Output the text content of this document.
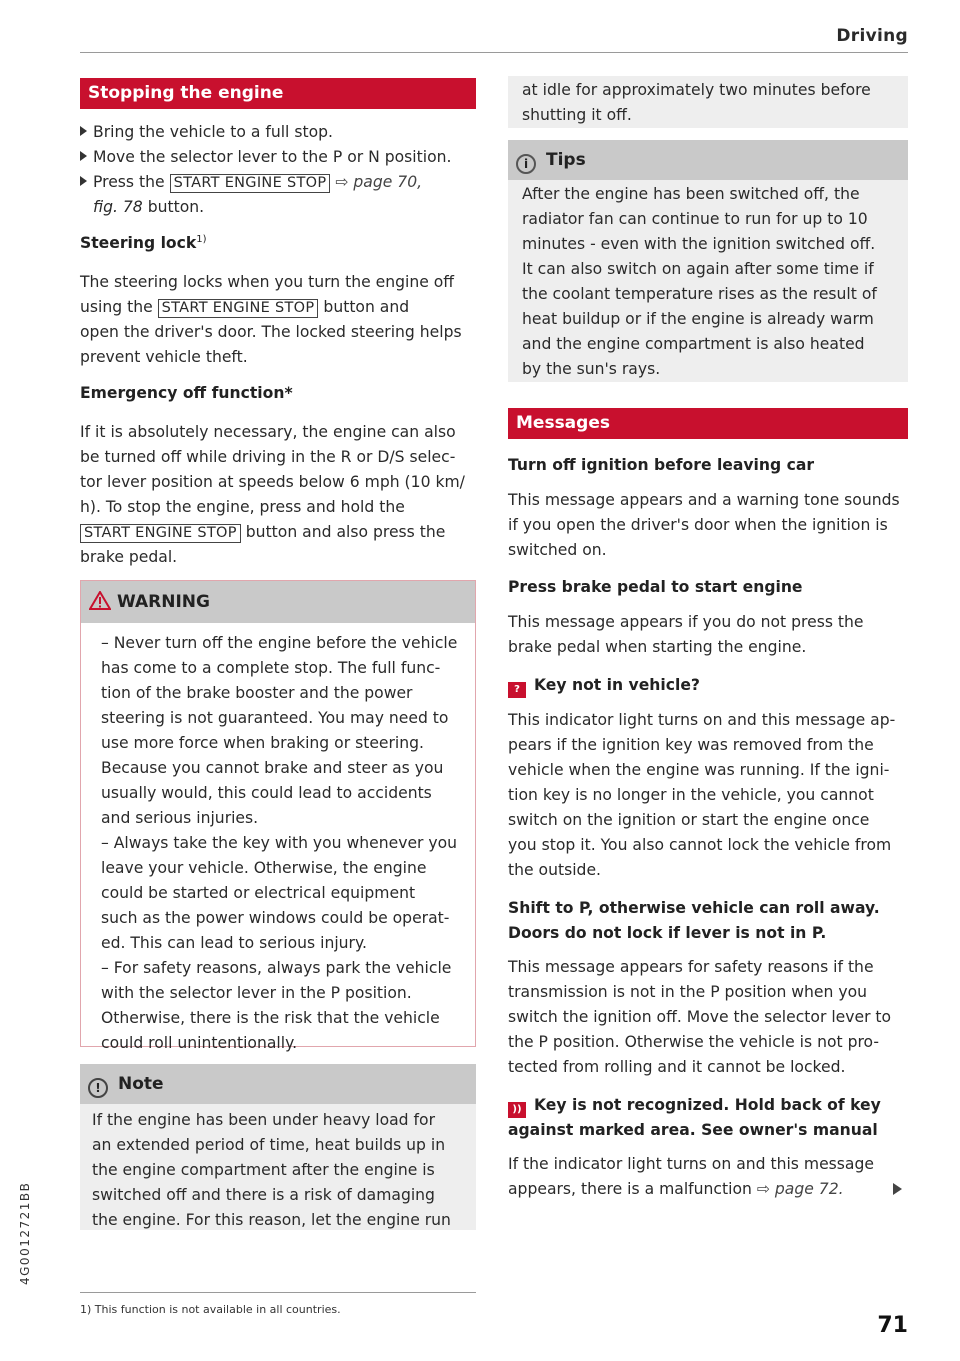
Driving
Stopping the engine

Bring the vehicle to a full stop.

Move the selector lever to the P or N position.

Press the START ENGINE STOP ⇨ page 70,

fig. 78 button.

Steering lock$^{1)}$

The steering locks when you turn the engine off

using the START ENGINE STOP button and

open the driver's door. The locked steering helps

prevent vehicle theft.

Emergency off function*

If it is absolutely necessary, the engine can also

be turned off while driving in the R or D/S selec-

tor lever position at speeds below 6 mph (10 km/

h). To stop the engine, press and hold the

START ENGINE STOP button and also press the

brake pedal.

WARNING
– Never turn off the engine before the vehicle
has come to a complete stop. The full func-
tion of the brake booster and the power
steering is not guaranteed. You may need to
use more force when braking or steering.
Because you cannot brake and steer as you
usually would, this could lead to accidents
and serious injuries.
– Always take the key with you whenever you
leave your vehicle. Otherwise, the engine
could be started or electrical equipment
such as the power windows could be operat-
ed. This can lead to serious injury.
– For safety reasons, always park the vehicle
with the selector lever in the P position.
Otherwise, there is the risk that the vehicle
could roll unintentionally.
! Note

If the engine has been under heavy load for

an extended period of time, heat builds up in

the engine compartment after the engine is

switched off and there is a risk of damaging

the engine. For this reason, let the engine run

1) This function is not available in all countries.

at idle for approximately two minutes before

shutting it off.

i Tips

After the engine has been switched off, the

radiator fan can continue to run for up to 10

minutes - even with the ignition switched off.

It can also switch on again after some time if

the coolant temperature rises as the result of

heat buildup or if the engine is already warm

and the engine compartment is also heated

by the sun's rays.

Messages
Turn off ignition before leaving car

This message appears and a warning tone sounds

if you open the driver's door when the ignition is

switched on.

Press brake pedal to start engine

This message appears if you do not press the

brake pedal when starting the engine.

? Key not in vehicle?

This indicator light turns on and this message ap-

pears if the ignition key was removed from the

vehicle when the engine was running. If the igni-

tion key is no longer in the vehicle, you cannot

switch on the ignition or start the engine once

you stop it. You also cannot lock the vehicle from

the outside.

Shift to P, otherwise vehicle can roll away.
Doors do not lock if lever is not in P.

This message appears for safety reasons if the

transmission is not in the P position when you

switch the ignition off. Move the selector lever to

the P position. Otherwise the vehicle is not pro-

tected from rolling and it cannot be locked.

)) Key is not recognized. Hold back of key
against marked area. See owner's manual

If the indicator light turns on and this message

appears, there is a malfunction ⇨ page 72.

71
4G0012721BB
